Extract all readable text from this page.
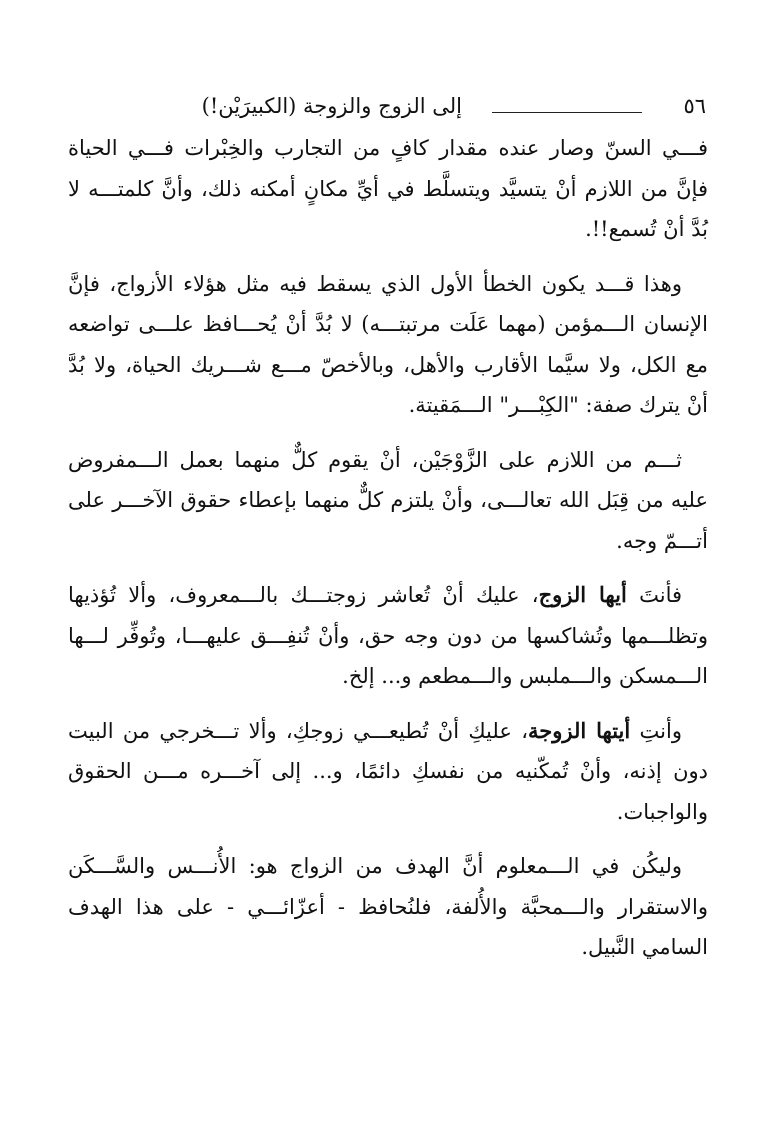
٥٦
إلى الزوج والزوجة (الكبيرَيْن!)

فـــي السنّ وصار عنده مقدار كافٍ من التجارب والخِبْرات فـــي الحياة فإنَّ من اللازم أنْ يتسيَّد ويتسلَّط في أيِّ مكانٍ أمكنه ذلك، وأنَّ كلمتـــه لا بُدَّ أنْ تُسمع!!.

وهذا قـــد يكون الخطأ الأول الذي يسقط فيه مثل هؤلاء الأزواج، فإنَّ الإنسان الـــمؤمن (مهما عَلَت مرتبتـــه) لا بُدَّ أنْ يُحـــافظ علـــى تواضعه مع الكل، ولا سيَّما الأقارب والأهل، وبالأخصّ مـــع شـــريك الحياة، ولا بُدَّ أنْ يترك صفة: "الكِبْـــر" الـــمَقيتة.

ثـــم من اللازم على الزَّوْجَيْن، أنْ يقوم كلٌّ منهما بعمل الـــمفروض عليه من قِبَل الله تعالـــى، وأنْ يلتزم كلٌّ منهما بإعطاء حقوق الآخـــر على أتـــمّ وجه.

فأنتَ أيها الزوج، عليك أنْ تُعاشر زوجتـــك بالـــمعروف، وألا تُؤذيها وتظلـــمها وتُشاكسها من دون وجه حق، وأنْ تُنفِـــق عليهـــا، وتُوفِّر لـــها الـــمسكن والـــملبس والـــمطعم و... إلخ.

وأنتِ أيتها الزوجة، عليكِ أنْ تُطيعـــي زوجكِ، وألا تـــخرجي من البيت دون إذنه، وأنْ تُمكّنيه من نفسكِ دائمًا، و... إلى آخـــره مـــن الحقوق والواجبات.

وليكُن في الـــمعلوم أنَّ الهدف من الزواج هو: الأُنـــس والسَّـــكَن والاستقرار والـــمحبَّة والأُلفة، فلنُحافظ - أعزّائـــي - على هذا الهدف السامي النَّبيل.
